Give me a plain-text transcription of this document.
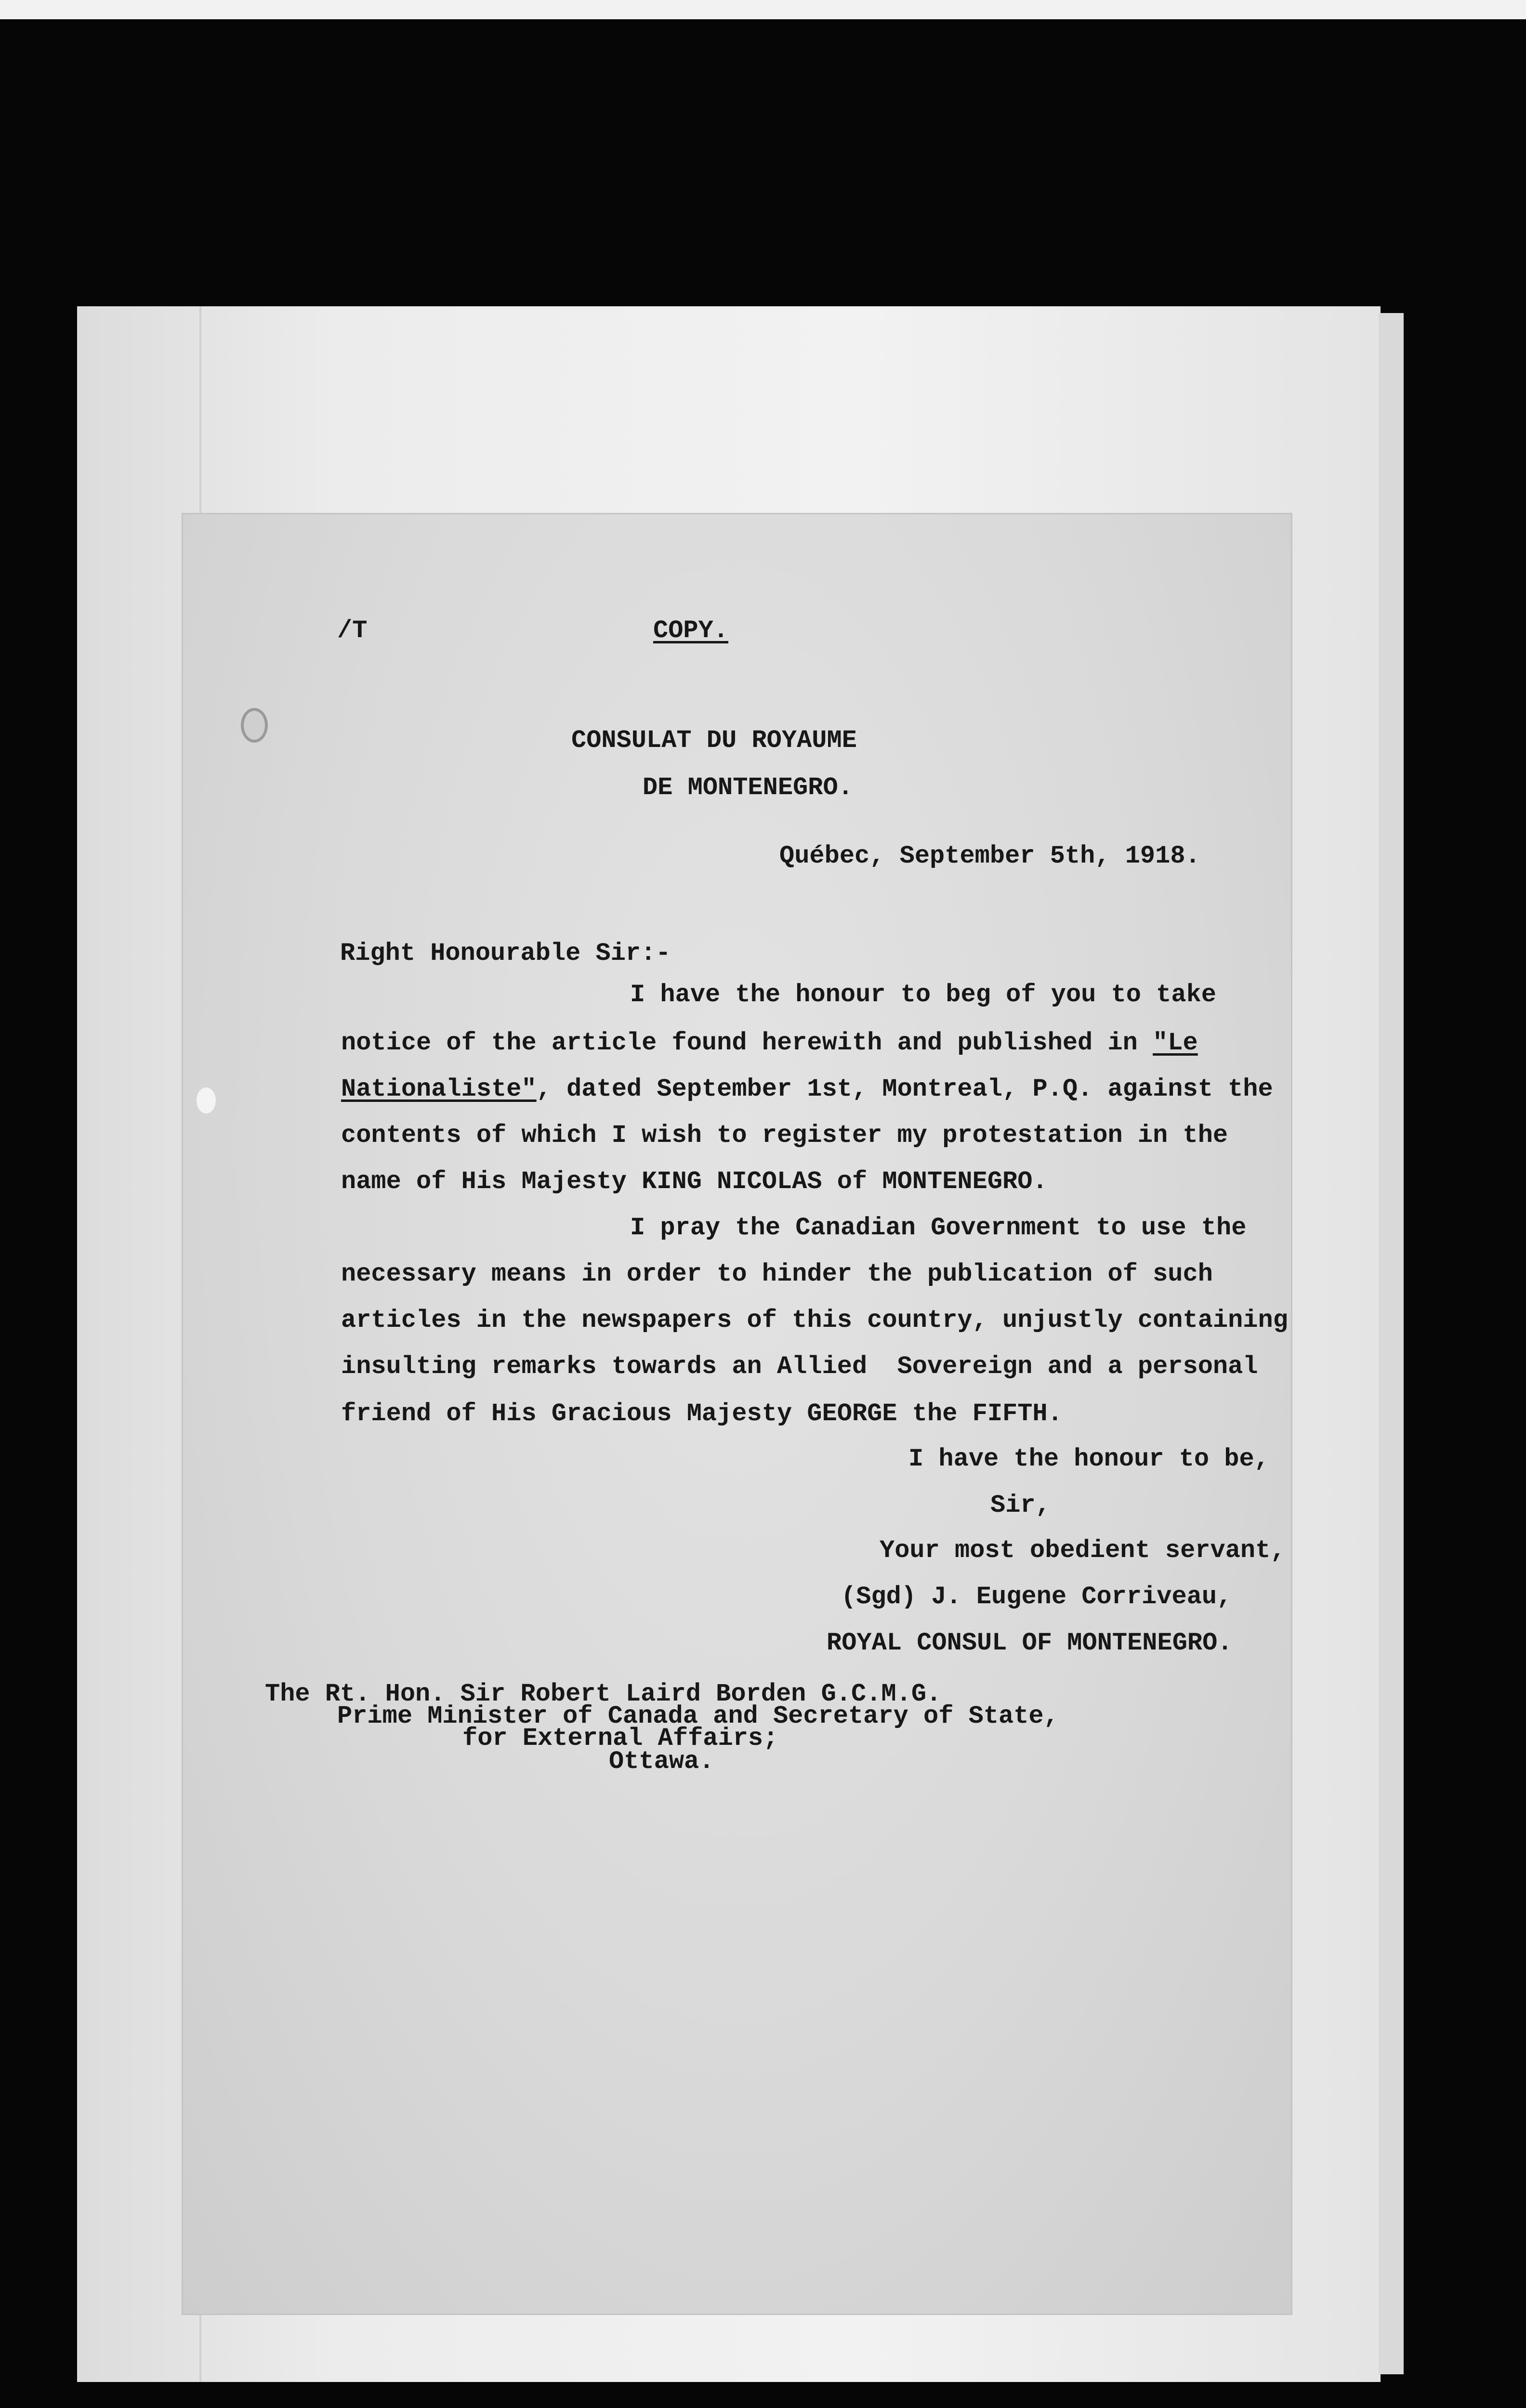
/T	COPY.
CONSULAT DU ROYAUME
DE MONTENEGRO.
Québec, September 5th, 1918.
Right Honourable Sir:-
I have the honour to beg of you to take
notice of the article found herewith and published in "Le
Nationaliste", dated September 1st, Montreal, P.Q. against the
contents of which I wish to register my protestation in the
name of His Majesty KING NICOLAS of MONTENEGRO.
I pray the Canadian Government to use the
necessary means in order to hinder the publication of such
articles in the newspapers of this country, unjustly containing
insulting remarks towards an Allied  Sovereign and a personal
friend of His Gracious Majesty GEORGE the FIFTH.
I have the honour to be,
Sir,
Your most obedient servant,
(Sgd) J. Eugene Corriveau,
ROYAL CONSUL OF MONTENEGRO.
The Rt. Hon. Sir Robert Laird Borden G.C.M.G.
Prime Minister of Canada and Secretary of State,
for External Affairs;
Ottawa.
